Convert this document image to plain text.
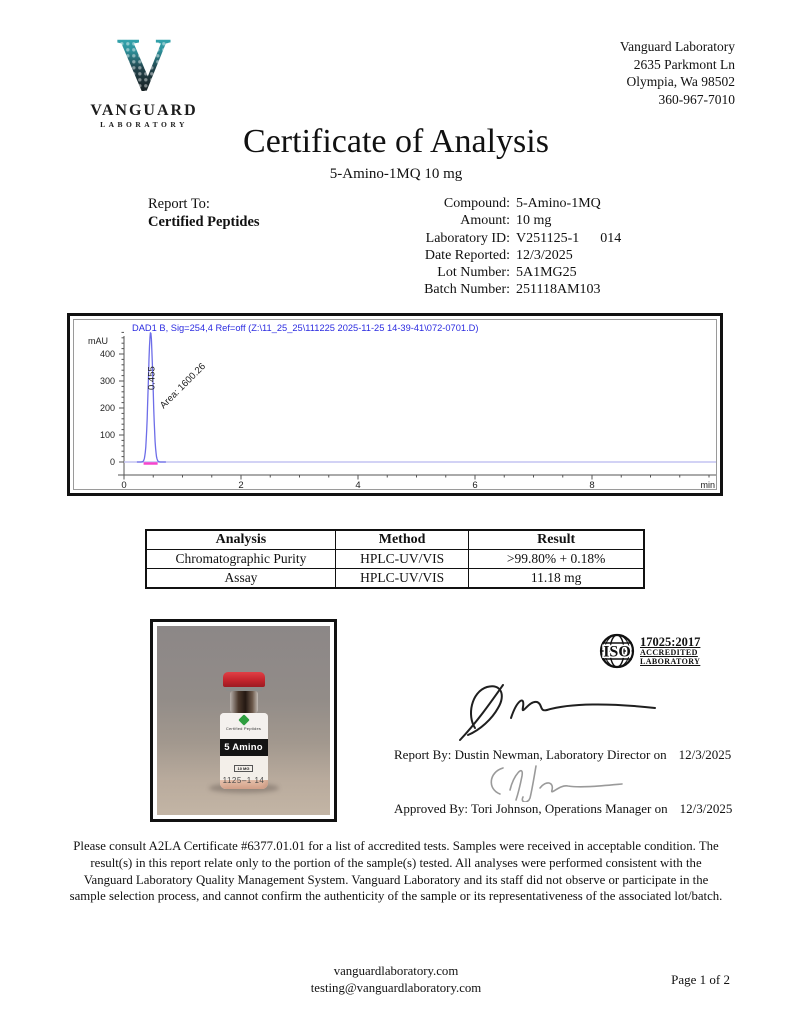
V
VANGUARD
LABORATORY
Vanguard Laboratory
2635 Parkmont Ln
Olympia, Wa 98502
360-967-7010
Certificate of Analysis
5-Amino-1MQ 10 mg
Report To:
Certified Peptides
Compound: 5-Amino-1MQ
Amount: 10 mg
Laboratory ID: V251125-1      014
Date Reported: 12/3/2025
Lot Number: 5A1MG25
Batch Number: 251118AM103
DAD1 B, Sig=254,4 Ref=off (Z:\11_25_25\111225 2025-11-25 14-39-41\072-0701.D)
0
100
200
300
400
mAU
0	2	4	6	8	min
0.455 Area: 1600.26
Analysis	Method	Result
Chromatographic Purity	HPLC-UV/VIS	>99.80% + 0.18%
Assay	HPLC-UV/VIS	11.18 mg
Certified Peptides
5 Amino
10 MG
1125–1 14
ISO
17025:2017
ACCREDITED
LABORATORY
Report By: Dustin Newman, Laboratory Director on 12/3/2025
Approved By: Tori Johnson, Operations Manager on 12/3/2025
Please consult A2LA Certificate #6377.01.01 for a list of accredited tests. Samples were received in acceptable condition. The result(s) in this report relate only to the portion of the sample(s) tested. All analyses were performed consistent with the Vanguard Laboratory Quality Management System. Vanguard Laboratory and its staff did not observe or participate in the sample selection process, and cannot confirm the authenticity of the sample or its representativeness of the associated lot/batch.
vanguardlaboratory.com
testing@vanguardlaboratory.com
Page 1 of 2
